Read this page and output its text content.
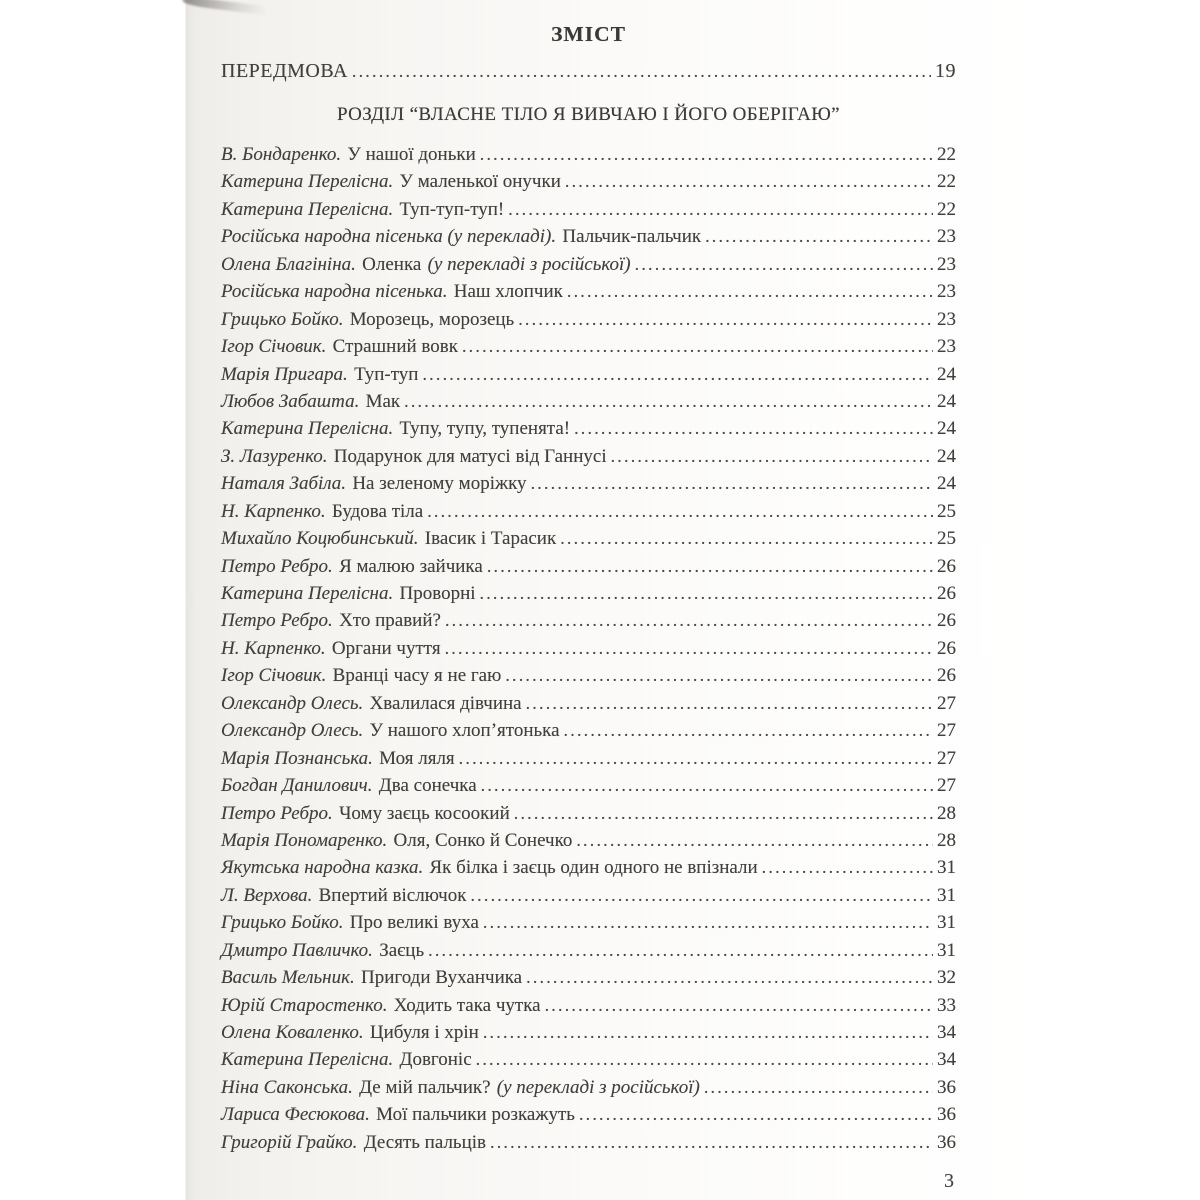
ЗМІСТ
ПЕРЕДМОВА .....	19
РОЗДІЛ “ВЛАСНЕ ТІЛО Я ВИВЧАЮ І ЙОГО ОБЕРІГАЮ”
В. Бондаренко. У нашої доньки .....	22
Катерина Перелісна. У маленької онучки .....	22
Катерина Перелісна. Туп-туп-туп! .....	22
Російська народна пісенька (у перекладі). Пальчик-пальчик .....	23
Олена Благініна. Оленка (у перекладі з російської) .....	23
Російська народна пісенька. Наш хлопчик .....	23
Грицько Бойко. Морозець, морозець .....	23
Ігор Січовик. Страшний вовк .....	23
Марія Пригара. Туп-туп .....	24
Любов Забашта. Мак .....	24
Катерина Перелісна. Тупу, тупу, тупенята! .....	24
З. Лазуренко. Подарунок для матусі від Ганнусі .....	24
Наталя Забіла. На зеленому моріжку .....	24
Н. Карпенко. Будова тіла .....	25
Михайло Коцюбинський. Івасик і Тарасик .....	25
Петро Ребро. Я малюю зайчика .....	26
Катерина Перелісна. Проворні .....	26
Петро Ребро. Хто правий? .....	26
Н. Карпенко. Органи чуття .....	26
Ігор Січовик. Вранці часу я не гаю .....	26
Олександр Олесь. Хвалилася дівчина .....	27
Олександр Олесь. У нашого хлоп’ятонька .....	27
Марія Познанська. Моя ляля .....	27
Богдан Данилович. Два сонечка .....	27
Петро Ребро. Чому заєць косоокий .....	28
Марія Пономаренко. Оля, Сонко й Сонечко .....	28
Якутська народна казка. Як білка і заєць один одного не впізнали .....	31
Л. Верхова. Впертий віслючок .....	31
Грицько Бойко. Про великі вуха .....	31
Дмитро Павличко. Заєць .....	31
Василь Мельник. Пригоди Вуханчика .....	32
Юрій Старостенко. Ходить така чутка .....	33
Олена Коваленко. Цибуля і хрін .....	34
Катерина Перелісна. Довгоніс .....	34
Ніна Саконська. Де мій пальчик? (у перекладі з російської) .....	36
Лариса Фесюкова. Мої пальчики розкажуть .....	36
Григорій Грайко. Десять пальців .....	36
3
